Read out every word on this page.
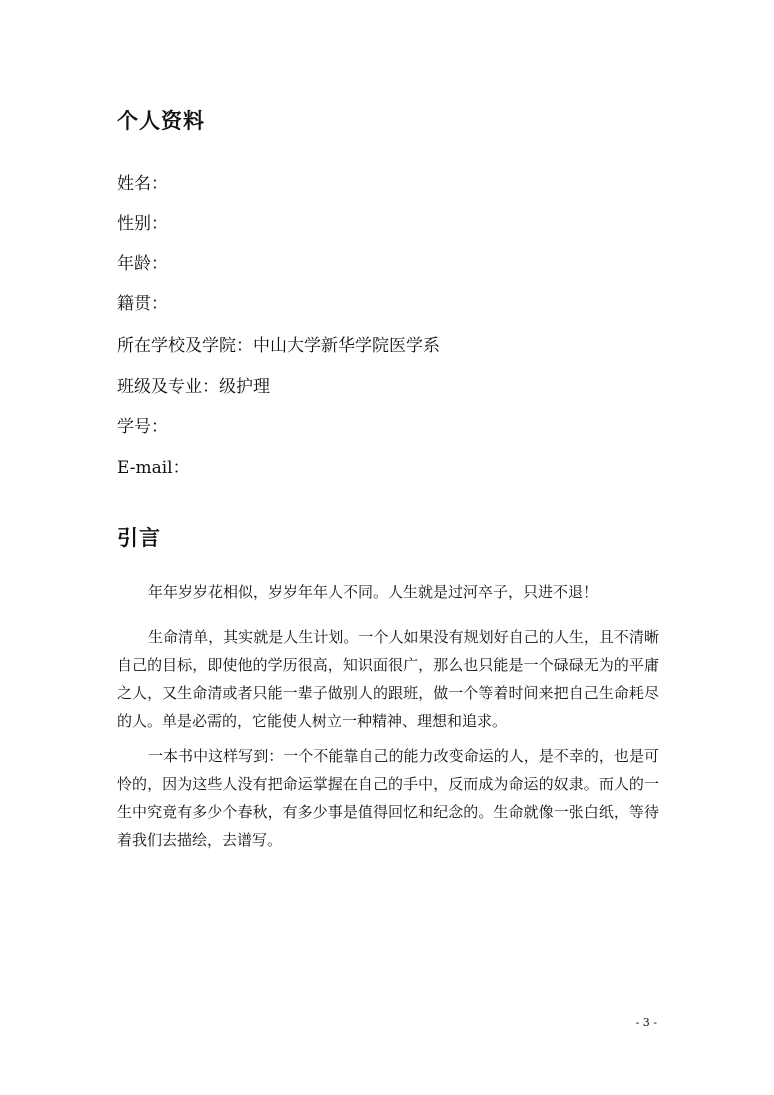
个人资料

姓名：

性别：

年龄：

籍贯：

所在学校及学院：中山大学新华学院医学系

班级及专业：级护理

学号：

E-mail：

引言

年年岁岁花相似，岁岁年年人不同。人生就是过河卒子，只进不退！

生命清单，其实就是人生计划。一个人如果没有规划好自己的人生，且不清晰自己的目标，即使他的学历很高，知识面很广，那么也只能是一个碌碌无为的平庸之人，又生命清或者只能一辈子做别人的跟班，做一个等着时间来把自己生命耗尽的人。单是必需的，它能使人树立一种精神、理想和追求。

一本书中这样写到：一个不能靠自己的能力改变命运的人，是不幸的，也是可怜的，因为这些人没有把命运掌握在自己的手中，反而成为命运的奴隶。而人的一生中究竟有多少个春秋，有多少事是值得回忆和纪念的。生命就像一张白纸，等待着我们去描绘，去谱写。

- 3 -
